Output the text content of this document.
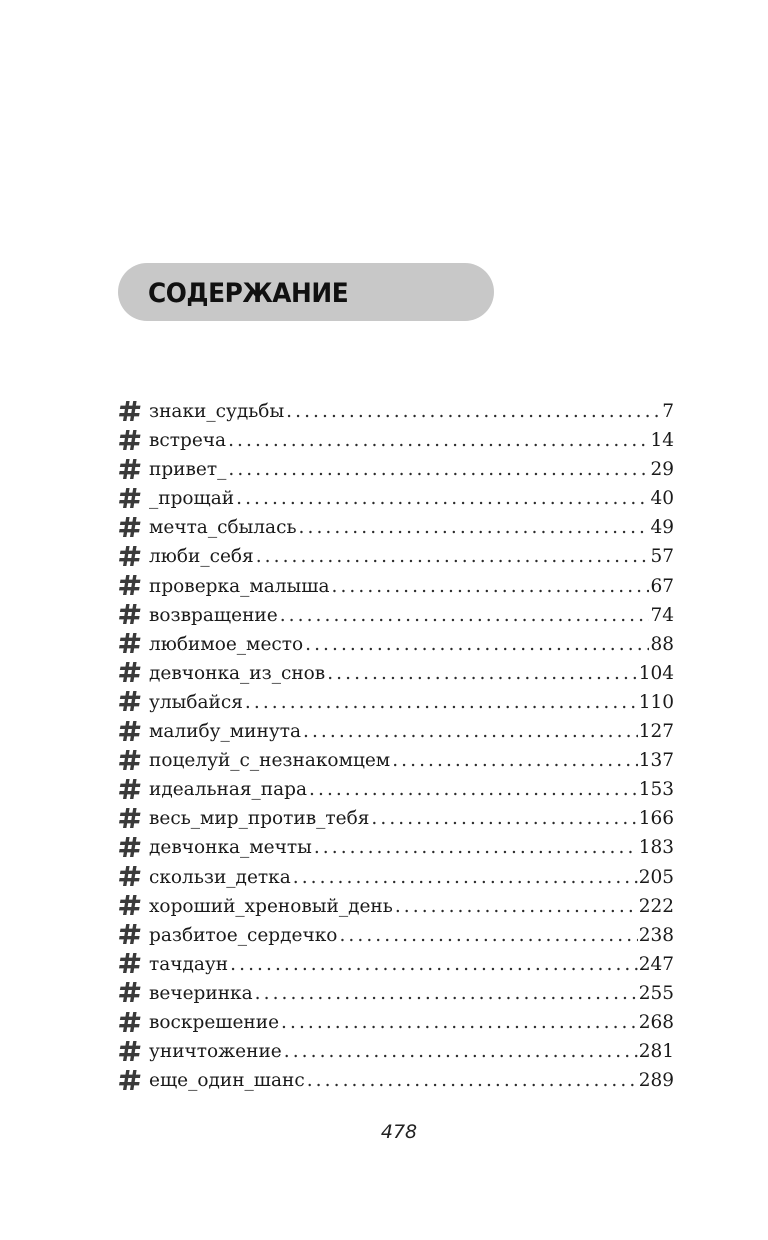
СОДЕРЖАНИЕ
знаки_судьбы . . .	7
встреча . . .	14
привет_ . . .	29
_прощай . . .	40
мечта_сбылась . . .	49
люби_себя . . .	57
проверка_малыша . . .	67
возвращение . . .	74
любимое_место . . .	88
девчонка_из_снов . . .	104
улыбайся . . .	110
малибу_минута . . .	127
поцелуй_с_незнакомцем . . .	137
идеальная_пара . . .	153
весь_мир_против_тебя . . .	166
девчонка_мечты . . .	183
скользи_детка . . .	205
хороший_хреновый_день . . .	222
разбитое_сердечко . . .	238
тачдаун . . .	247
вечеринка . . .	255
воскрешение . . .	268
уничтожение . . .	281
еще_один_шанс . . .	289
478
